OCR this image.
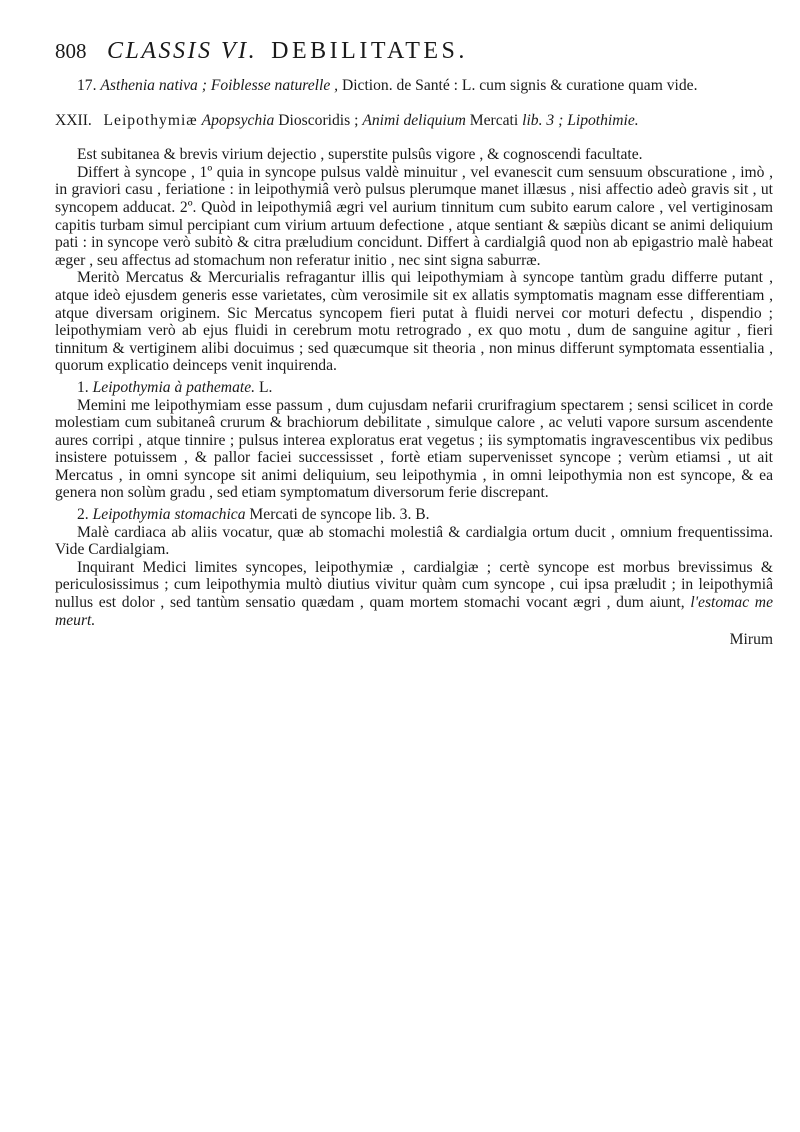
808 CLASSIS VI. DEBILITATES.

17. Asthenia nativa ; Foiblesse naturelle , Diction. de Santé : L. cum signis & curatione quam vide.

XXII. Leipothymiæ Apopsychia Dioscoridis ; Animi deliquium Mercati lib. 3 ; Lipothimie.

Est subitanea & brevis virium dejectio , superstite pulsûs vigore , & cognoscendi facultate.

Differt à syncope , 1º quia in syncope pulsus valdè minuitur , vel evanescit cum sensuum obscuratione , imò , in graviori casu , feriatione : in leipothymiâ verò pulsus plerumque manet illæsus , nisi affectio adeò gravis sit , ut syncopem adducat. 2º. Quòd in leipothymiâ ægri vel aurium tinnitum cum subito earum calore , vel vertiginosam capitis turbam simul percipiant cum virium artuum defectione , atque sentiant & sæpiùs dicant se animi deliquium pati : in syncope verò subitò & citra præludium concidunt. Differt à cardialgiâ quod non ab epigastrio malè habeat æger , seu affectus ad stomachum non referatur initio , nec sint signa saburræ.

Meritò Mercatus & Mercurialis refragantur illis qui leipothymiam à syncope tantùm gradu differre putant , atque ideò ejusdem generis esse varietates, cùm verosimile sit ex allatis symptomatis magnam esse differentiam , atque diversam originem. Sic Mercatus syncopem fieri putat à fluidi nervei cor moturi defectu , dispendio ; leipothymiam verò ab ejus fluidi in cerebrum motu retrogrado , ex quo motu , dum de sanguine agitur , fieri tinnitum & vertiginem alibi docuimus ; sed quæcumque sit theoria , non minus differunt symptomata essentialia , quorum explicatio deinceps venit inquirenda.

1. Leipothymia à pathemate. L.

Memini me leipothymiam esse passum , dum cujusdam nefarii crurifragium spectarem ; sensi scilicet in corde molestiam cum subitaneâ crurum & brachiorum debilitate , simulque calore , ac veluti vapore sursum ascendente aures corripi , atque tinnire ; pulsus interea exploratus erat vegetus ; iis symptomatis ingravescentibus vix pedibus insistere potuissem , & pallor faciei successisset , fortè etiam supervenisset syncope ; verùm etiamsi , ut ait Mercatus , in omni syncope sit animi deliquium, seu leipothymia , in omni leipothymia non est syncope, & ea genera non solùm gradu , sed etiam symptomatum diversorum ferie discrepant.

2. Leipothymia stomachica Mercati de syncope lib. 3. B.

Malè cardiaca ab aliis vocatur, quæ ab stomachi molestiâ & cardialgia ortum ducit , omnium frequentissima. Vide Cardialgiam.

Inquirant Medici limites syncopes, leipothymiæ , cardialgiæ ; certè syncope est morbus brevissimus & periculosissimus ; cum leipothymia multò diutius vivitur quàm cum syncope , cui ipsa præludit ; in leipothymiâ nullus est dolor , sed tantùm sensatio quædam , quam mortem stomachi vocant ægri , dum aiunt, l'estomac me meurt.

Mirum
